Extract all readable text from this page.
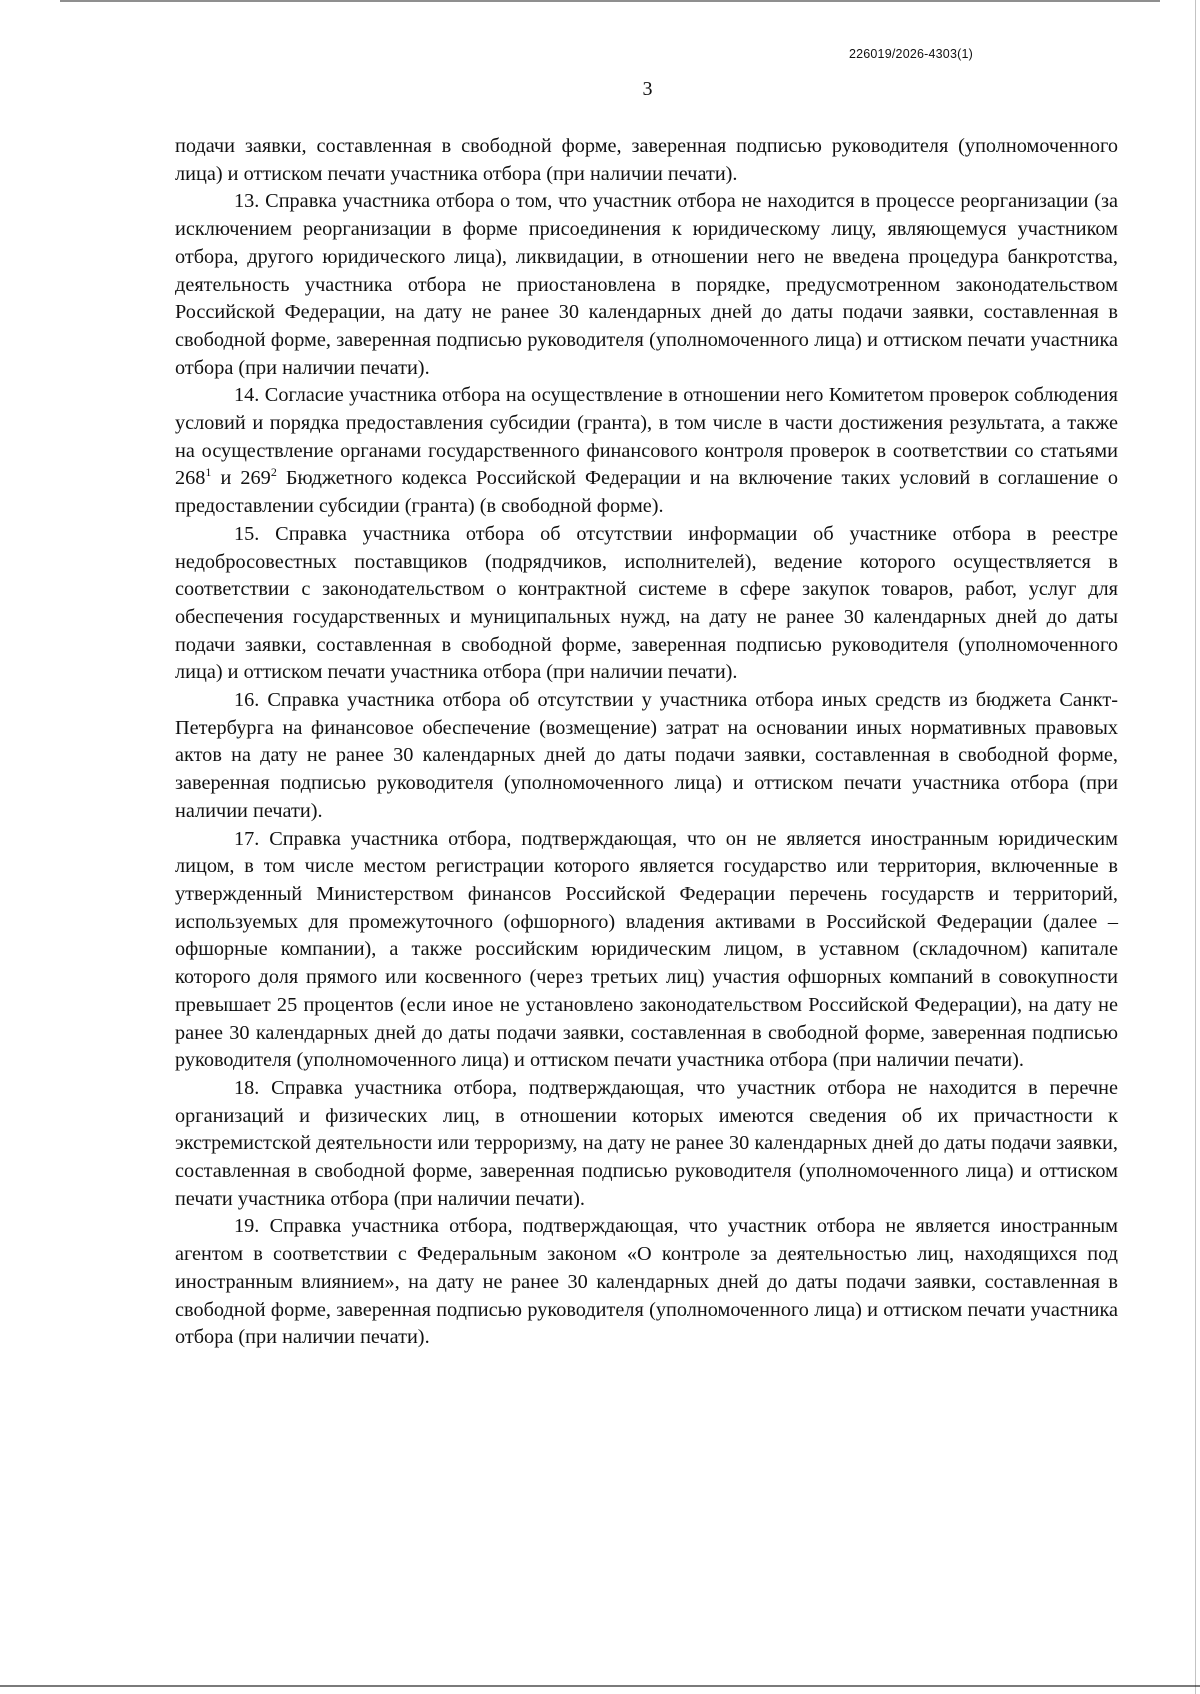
226019/2026-4303(1)
3

подачи заявки, составленная в свободной форме, заверенная подписью руководителя (уполномоченного лица) и оттиском печати участника отбора (при наличии печати).

13. Справка участника отбора о том, что участник отбора не находится в процессе реорганизации (за исключением реорганизации в форме присоединения к юридическому лицу, являющемуся участником отбора, другого юридического лица), ликвидации, в отношении него не введена процедура банкротства, деятельность участника отбора не приостановлена в порядке, предусмотренном законодательством Российской Федерации, на дату не ранее 30 календарных дней до даты подачи заявки, составленная в свободной форме, заверенная подписью руководителя (уполномоченного лица) и оттиском печати участника отбора (при наличии печати).

14. Согласие участника отбора на осуществление в отношении него Комитетом проверок соблюдения условий и порядка предоставления субсидии (гранта), в том числе в части достижения результата, а также на осуществление органами государственного финансового контроля проверок в соответствии со статьями $268^1$ и $269^2$ Бюджетного кодекса Российской Федерации и на включение таких условий в соглашение о предоставлении субсидии (гранта) (в свободной форме).

15. Справка участника отбора об отсутствии информации об участнике отбора в реестре недобросовестных поставщиков (подрядчиков, исполнителей), ведение которого осуществляется в соответствии с законодательством о контрактной системе в сфере закупок товаров, работ, услуг для обеспечения государственных и муниципальных нужд, на дату не ранее 30 календарных дней до даты подачи заявки, составленная в свободной форме, заверенная подписью руководителя (уполномоченного лица) и оттиском печати участника отбора (при наличии печати).

16. Справка участника отбора об отсутствии у участника отбора иных средств из бюджета Санкт-Петербурга на финансовое обеспечение (возмещение) затрат на основании иных нормативных правовых актов на дату не ранее 30 календарных дней до даты подачи заявки, составленная в свободной форме, заверенная подписью руководителя (уполномоченного лица) и оттиском печати участника отбора (при наличии печати).

17. Справка участника отбора, подтверждающая, что он не является иностранным юридическим лицом, в том числе местом регистрации которого является государство или территория, включенные в утвержденный Министерством финансов Российской Федерации перечень государств и территорий, используемых для промежуточного (офшорного) владения активами в Российской Федерации (далее – офшорные компании), а также российским юридическим лицом, в уставном (складочном) капитале которого доля прямого или косвенного (через третьих лиц) участия офшорных компаний в совокупности превышает 25 процентов (если иное не установлено законодательством Российской Федерации), на дату не ранее 30 календарных дней до даты подачи заявки, составленная в свободной форме, заверенная подписью руководителя (уполномоченного лица) и оттиском печати участника отбора (при наличии печати).

18. Справка участника отбора, подтверждающая, что участник отбора не находится в перечне организаций и физических лиц, в отношении которых имеются сведения об их причастности к экстремистской деятельности или терроризму, на дату не ранее 30 календарных дней до даты подачи заявки, составленная в свободной форме, заверенная подписью руководителя (уполномоченного лица) и оттиском печати участника отбора (при наличии печати).

19. Справка участника отбора, подтверждающая, что участник отбора не является иностранным агентом в соответствии с Федеральным законом «О контроле за деятельностью лиц, находящихся под иностранным влиянием», на дату не ранее 30 календарных дней до даты подачи заявки, составленная в свободной форме, заверенная подписью руководителя (уполномоченного лица) и оттиском печати участника отбора (при наличии печати).
